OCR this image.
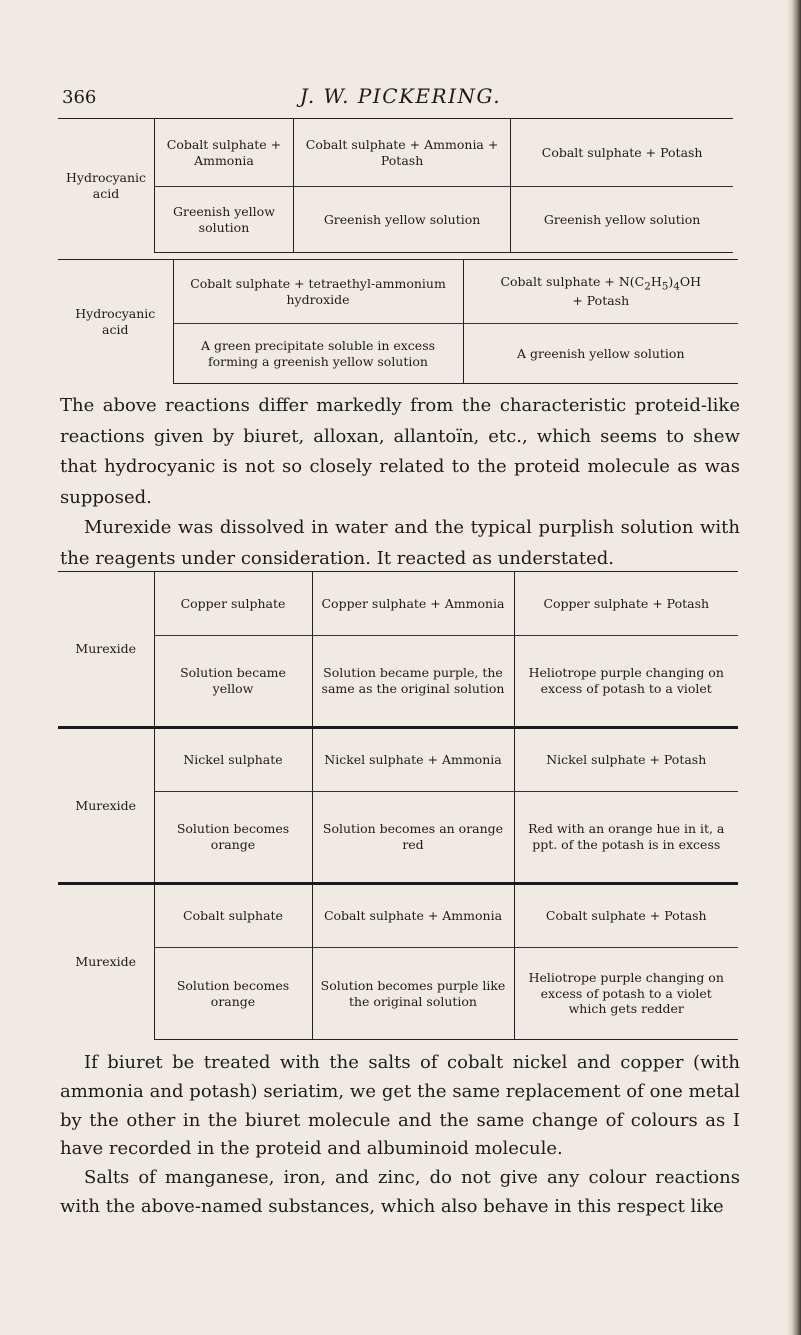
366	J. W. PICKERING.
Hydrocyanic acid	Cobalt sulphate + Ammonia	Cobalt sulphate + Ammonia + Potash	Cobalt sulphate + Potash
	Greenish yellow solution	Greenish yellow solution	Greenish yellow solution
Hydrocyanic acid	Cobalt sulphate + tetraethyl-ammonium hydroxide	Cobalt sulphate + $N(C_2H_5)_4OH$
+ Potash
	A green precipitate soluble in excess forming a greenish yellow solution	A greenish yellow solution

The above reactions differ markedly from the characteristic proteid-like reactions given by biuret, alloxan, allantoïn, etc., which seems to shew that hydrocyanic is not so closely related to the proteid molecule as was supposed.

Murexide was dissolved in water and the typical purplish solution with the reagents under consideration. It reacted as understated.

Murexide	Copper sulphate	Copper sulphate + Ammonia	Copper sulphate + Potash
	Solution became yellow	Solution became purple, the same as the original solution	Heliotrope purple changing on excess of potash to a violet
Murexide	Nickel sulphate	Nickel sulphate + Ammonia	Nickel sulphate + Potash
	Solution becomes orange	Solution becomes an orange red	Red with an orange hue in it, a ppt. of the potash is in excess
Murexide	Cobalt sulphate	Cobalt sulphate + Ammonia	Cobalt sulphate + Potash
	Solution becomes orange	Solution becomes purple like the original solution	Heliotrope purple changing on excess of potash to a violet which gets redder

If biuret be treated with the salts of cobalt nickel and copper (with ammonia and potash) seriatim, we get the same replacement of one metal by the other in the biuret molecule and the same change of colours as I have recorded in the proteid and albuminoid molecule.

Salts of manganese, iron, and zinc, do not give any colour reactions with the above-named substances, which also behave in this respect like
